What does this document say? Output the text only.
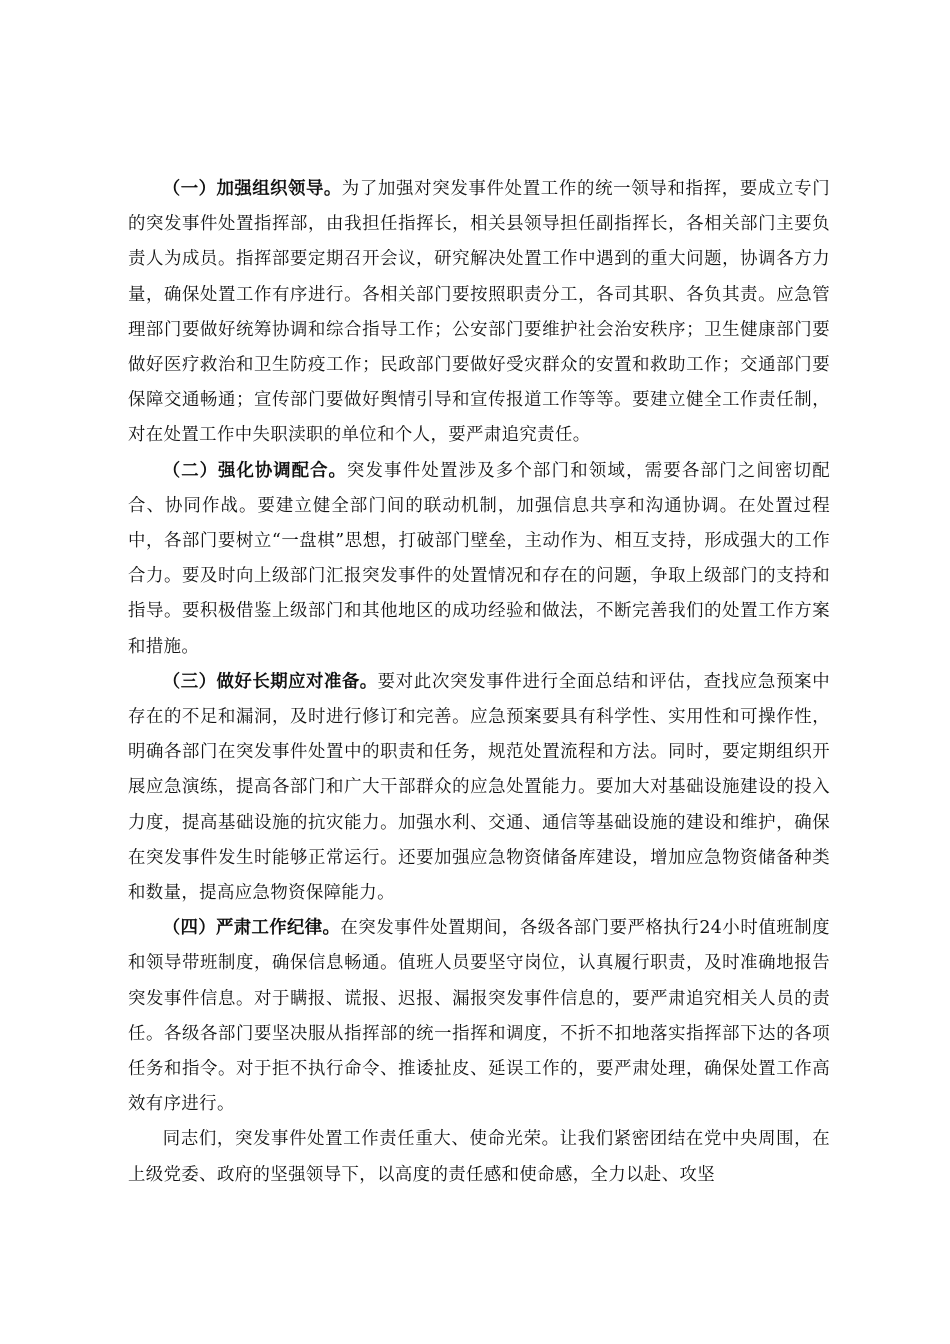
（一）加强组织领导。为了加强对突发事件处置工作的统一领导和指挥，要成立专门的突发事件处置指挥部，由我担任指挥长，相关县领导担任副指挥长，各相关部门主要负责人为成员。指挥部要定期召开会议，研究解决处置工作中遇到的重大问题，协调各方力量，确保处置工作有序进行。各相关部门要按照职责分工，各司其职、各负其责。应急管理部门要做好统筹协调和综合指导工作；公安部门要维护社会治安秩序；卫生健康部门要做好医疗救治和卫生防疫工作；民政部门要做好受灾群众的安置和救助工作；交通部门要保障交通畅通；宣传部门要做好舆情引导和宣传报道工作等等。要建立健全工作责任制，对在处置工作中失职渎职的单位和个人，要严肃追究责任。

（二）强化协调配合。突发事件处置涉及多个部门和领域，需要各部门之间密切配合、协同作战。要建立健全部门间的联动机制，加强信息共享和沟通协调。在处置过程中，各部门要树立“一盘棋”思想，打破部门壁垒，主动作为、相互支持，形成强大的工作合力。要及时向上级部门汇报突发事件的处置情况和存在的问题，争取上级部门的支持和指导。要积极借鉴上级部门和其他地区的成功经验和做法，不断完善我们的处置工作方案和措施。

（三）做好长期应对准备。要对此次突发事件进行全面总结和评估，查找应急预案中存在的不足和漏洞，及时进行修订和完善。应急预案要具有科学性、实用性和可操作性，明确各部门在突发事件处置中的职责和任务，规范处置流程和方法。同时，要定期组织开展应急演练，提高各部门和广大干部群众的应急处置能力。要加大对基础设施建设的投入力度，提高基础设施的抗灾能力。加强水利、交通、通信等基础设施的建设和维护，确保在突发事件发生时能够正常运行。还要加强应急物资储备库建设，增加应急物资储备种类和数量，提高应急物资保障能力。

（四）严肃工作纪律。在突发事件处置期间，各级各部门要严格执行24小时值班制度和领导带班制度，确保信息畅通。值班人员要坚守岗位，认真履行职责，及时准确地报告突发事件信息。对于瞒报、谎报、迟报、漏报突发事件信息的，要严肃追究相关人员的责任。各级各部门要坚决服从指挥部的统一指挥和调度，不折不扣地落实指挥部下达的各项任务和指令。对于拒不执行命令、推诿扯皮、延误工作的，要严肃处理，确保处置工作高效有序进行。

同志们，突发事件处置工作责任重大、使命光荣。让我们紧密团结在党中央周围，在上级党委、政府的坚强领导下，以高度的责任感和使命感，全力以赴、攻坚
